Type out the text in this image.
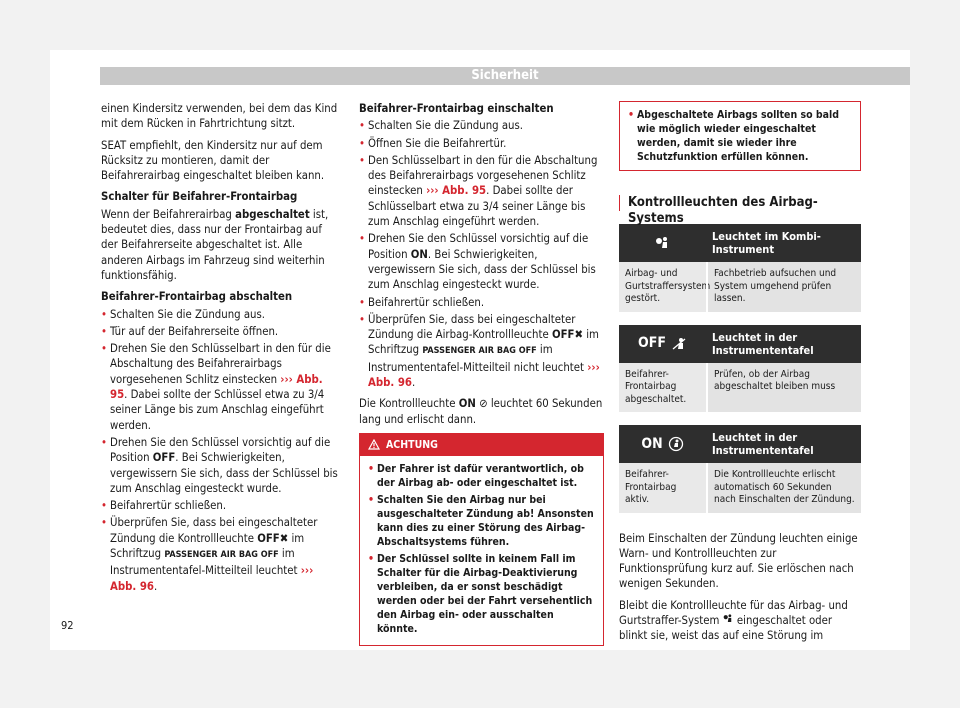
Sicherheit

einen Kindersitz verwenden, bei dem das Kind mit dem Rücken in Fahrtrichtung sitzt.

SEAT empfiehlt, den Kindersitz nur auf dem Rücksitz zu montieren, damit der Beifahrerairbag eingeschaltet bleiben kann.

Schalter für Beifahrer-Frontairbag

Wenn der Beifahrerairbag abgeschaltet ist, bedeutet dies, dass nur der Frontairbag auf der Beifahrerseite abgeschaltet ist. Alle anderen Airbags im Fahrzeug sind weiterhin funktionsfähig.

Beifahrer-Frontairbag abschalten

• Schalten Sie die Zündung aus.
• Tür auf der Beifahrerseite öffnen.
• Drehen Sie den Schlüsselbart in den für die Abschaltung des Beifahrerairbags vorgesehenen Schlitz einstecken ››› Abb. 95. Dabei sollte der Schlüssel etwa zu 3/4 seiner Länge bis zum Anschlag eingeführt werden.
• Drehen Sie den Schlüssel vorsichtig auf die Position OFF. Bei Schwierigkeiten, vergewissern Sie sich, dass der Schlüssel bis zum Anschlag eingesteckt wurde.
• Beifahrertür schließen.
• Überprüfen Sie, dass bei eingeschalteter Zündung die Kontrollleuchte OFF✖ im Schriftzug PASSENGER AIR BAG OFF im Instrumententafel-Mitteilteil leuchtet ››› Abb. 96.

Beifahrer-Frontairbag einschalten

• Schalten Sie die Zündung aus.
• Öffnen Sie die Beifahrertür.
• Den Schlüsselbart in den für die Abschaltung des Beifahrerairbags vorgesehenen Schlitz einstecken ››› Abb. 95. Dabei sollte der Schlüsselbart etwa zu 3/4 seiner Länge bis zum Anschlag eingeführt werden.
• Drehen Sie den Schlüssel vorsichtig auf die Position ON. Bei Schwierigkeiten, vergewissern Sie sich, dass der Schlüssel bis zum Anschlag eingesteckt wurde.
• Beifahrertür schließen.
• Überprüfen Sie, dass bei eingeschalteter Zündung die Airbag-Kontrollleuchte OFF✖ im Schriftzug PASSENGER AIR BAG OFF im Instrumententafel-Mitteilteil nicht leuchtet ››› Abb. 96.

Die Kontrollleuchte ON ⊘ leuchtet 60 Sekunden lang und erlischt dann.

ACHTUNG
• Der Fahrer ist dafür verantwortlich, ob der Airbag ab- oder eingeschaltet ist.
• Schalten Sie den Airbag nur bei ausgeschalteter Zündung ab! Ansonsten kann dies zu einer Störung des Airbag-Abschaltsystems führen.
• Der Schlüssel sollte in keinem Fall im Schalter für die Airbag-Deaktivierung verbleiben, da er sonst beschädigt werden oder bei der Fahrt versehentlich den Airbag ein- oder ausschalten könnte.
• Abgeschaltete Airbags sollten so bald wie möglich wieder eingeschaltet werden, damit sie wieder ihre Schutzfunktion erfüllen können.
Kontrollleuchten des Airbag-Systems
Leuchtet im Kombi-Instrument
Airbag- und Gurtstraffersystem gestört.
Fachbetrieb aufsuchen und System umgehend prüfen lassen.
OFF	Leuchtet in der Instrumententafel
Beifahrer-Frontairbag abgeschaltet.
Prüfen, ob der Airbag abgeschaltet bleiben muss
ON	Leuchtet in der Instrumententafel
Beifahrer-Frontairbag aktiv.
Die Kontrollleuchte erlischt automatisch 60 Sekunden nach Einschalten der Zündung.

Beim Einschalten der Zündung leuchten einige Warn- und Kontrollleuchten zur Funktionsprüfung kurz auf. Sie erlöschen nach wenigen Sekunden.

Bleibt die Kontrollleuchte für das Airbag- und Gurtstraffer-System  eingeschaltet oder blinkt sie, weist das auf eine Störung im

92
